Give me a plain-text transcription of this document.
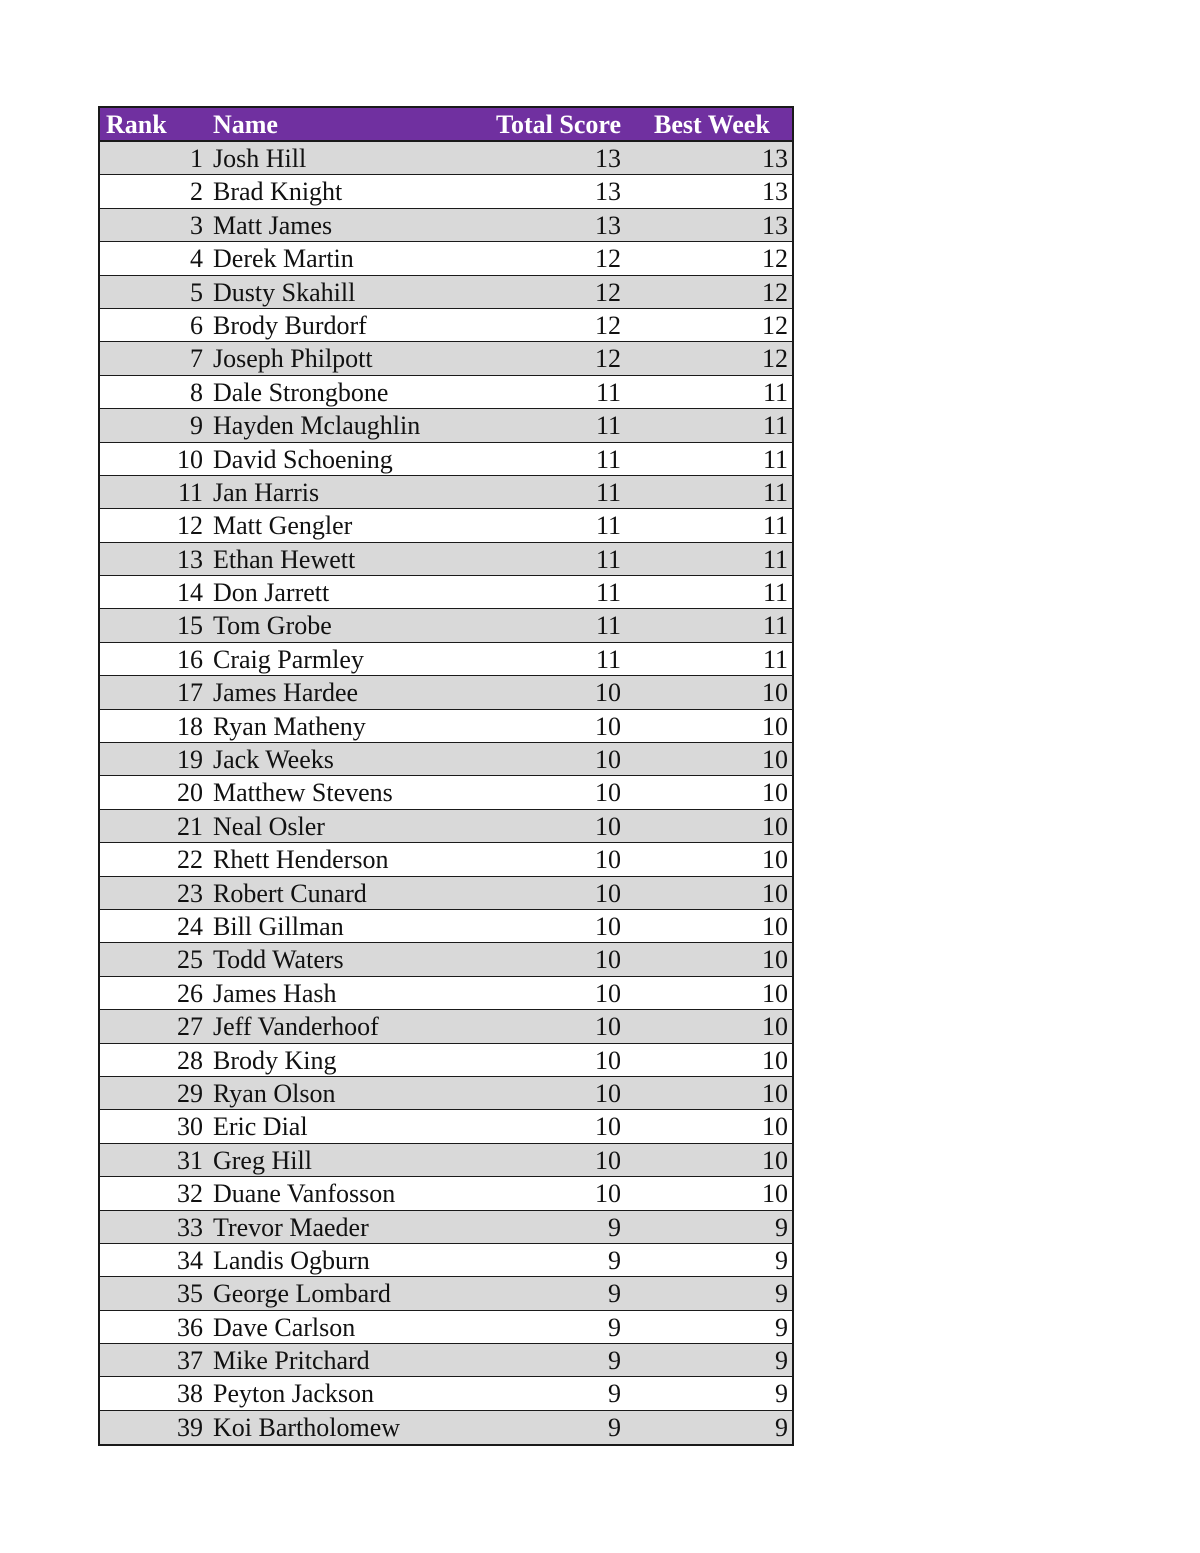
Rank	Name	Total Score	Best Week
1 Josh Hill	13	13
2 Brad Knight	13	13
3 Matt James	13	13
4 Derek Martin	12	12
5 Dusty Skahill	12	12
6 Brody Burdorf	12	12
7 Joseph Philpott	12	12
8 Dale Strongbone	11	11
9 Hayden Mclaughlin	11	11
10 David Schoening	11	11
11 Jan Harris	11	11
12 Matt Gengler	11	11
13 Ethan Hewett	11	11
14 Don Jarrett	11	11
15 Tom Grobe	11	11
16 Craig Parmley	11	11
17 James Hardee	10	10
18 Ryan Matheny	10	10
19 Jack Weeks	10	10
20 Matthew Stevens	10	10
21 Neal Osler	10	10
22 Rhett Henderson	10	10
23 Robert Cunard	10	10
24 Bill Gillman	10	10
25 Todd Waters	10	10
26 James Hash	10	10
27 Jeff Vanderhoof	10	10
28 Brody King	10	10
29 Ryan Olson	10	10
30 Eric Dial	10	10
31 Greg Hill	10	10
32 Duane Vanfosson	10	10
33 Trevor Maeder	9	9
34 Landis Ogburn	9	9
35 George Lombard	9	9
36 Dave Carlson	9	9
37 Mike Pritchard	9	9
38 Peyton Jackson	9	9
39 Koi Bartholomew	9	9
